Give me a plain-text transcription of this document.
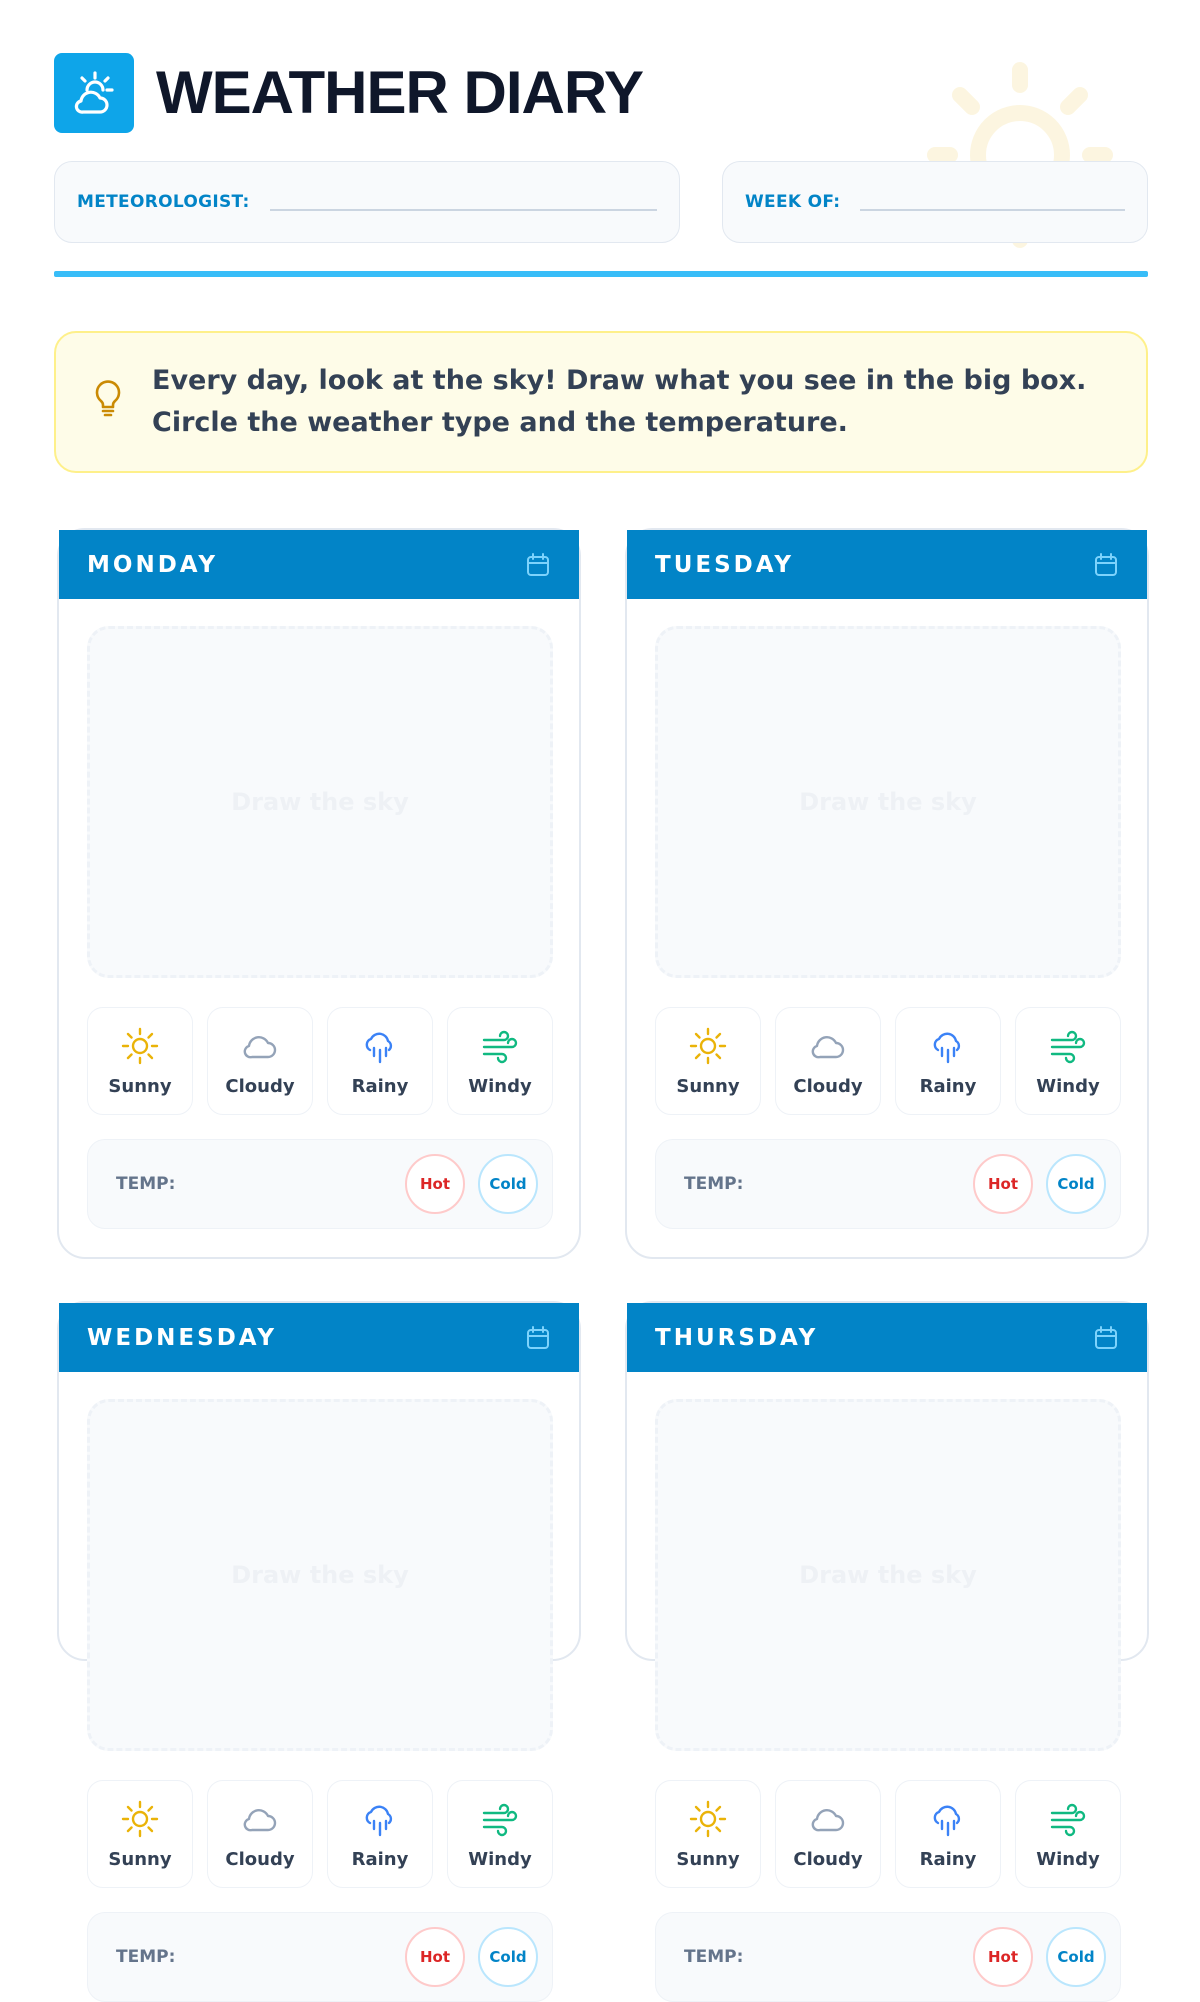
WEATHER DIARY
METEOROLOGIST:	WEEK OF:
Every day, look at the sky! Draw what you see in the big box. Circle the weather type and the temperature.
MONDAY
Draw the sky
Sunny	Cloudy	Rainy	Windy
TEMP:	Hot	Cold
TUESDAY
Draw the sky
Sunny	Cloudy	Rainy	Windy
TEMP:	Hot	Cold
WEDNESDAY
Draw the sky
Sunny	Cloudy	Rainy	Windy
TEMP:	Hot	Cold
THURSDAY
Draw the sky
Sunny	Cloudy	Rainy	Windy
TEMP:	Hot	Cold
